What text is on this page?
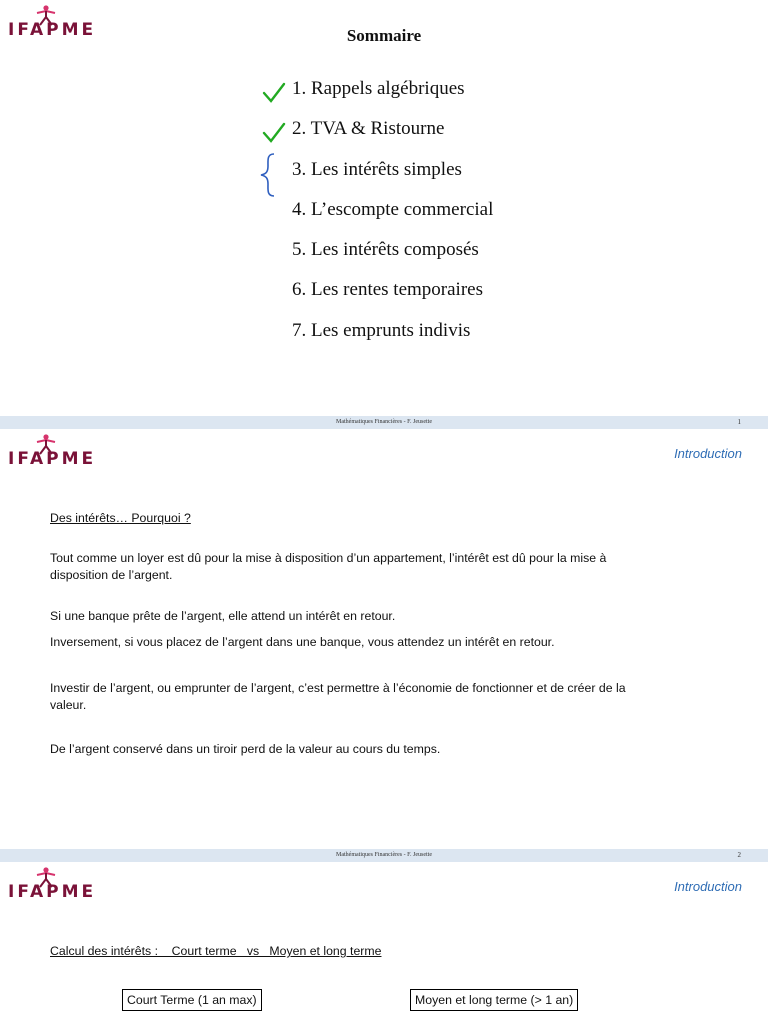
IFAPME	Sommaire
1. Rappels algébriques
2. TVA & Ristourne
3. Les intérêts simples
4. L’escompte commercial
5. Les intérêts composés
6. Les rentes temporaires
7. Les emprunts indivis
Mathématiques Financières - F. Jeusette	1
IFAPME	Introduction
Des intérêts… Pourquoi ?
Tout comme un loyer est dû pour la mise à disposition d’un appartement, l’intérêt est dû pour la mise à disposition de l’argent.
Si une banque prête de l’argent, elle attend un intérêt en retour.
Inversement, si vous placez de l’argent dans une banque, vous attendez un intérêt en retour.
Investir de l’argent, ou emprunter de l’argent, c’est permettre à l’économie de fonctionner et de créer de la valeur.
De l’argent conservé dans un tiroir perd de la valeur au cours du temps.
Mathématiques Financières - F. Jeusette	2
IFAPME	Introduction
Calcul des intérêts :    Court terme   vs   Moyen et long terme
Court Terme (1 an max)	Moyen et long terme (> 1 an)
